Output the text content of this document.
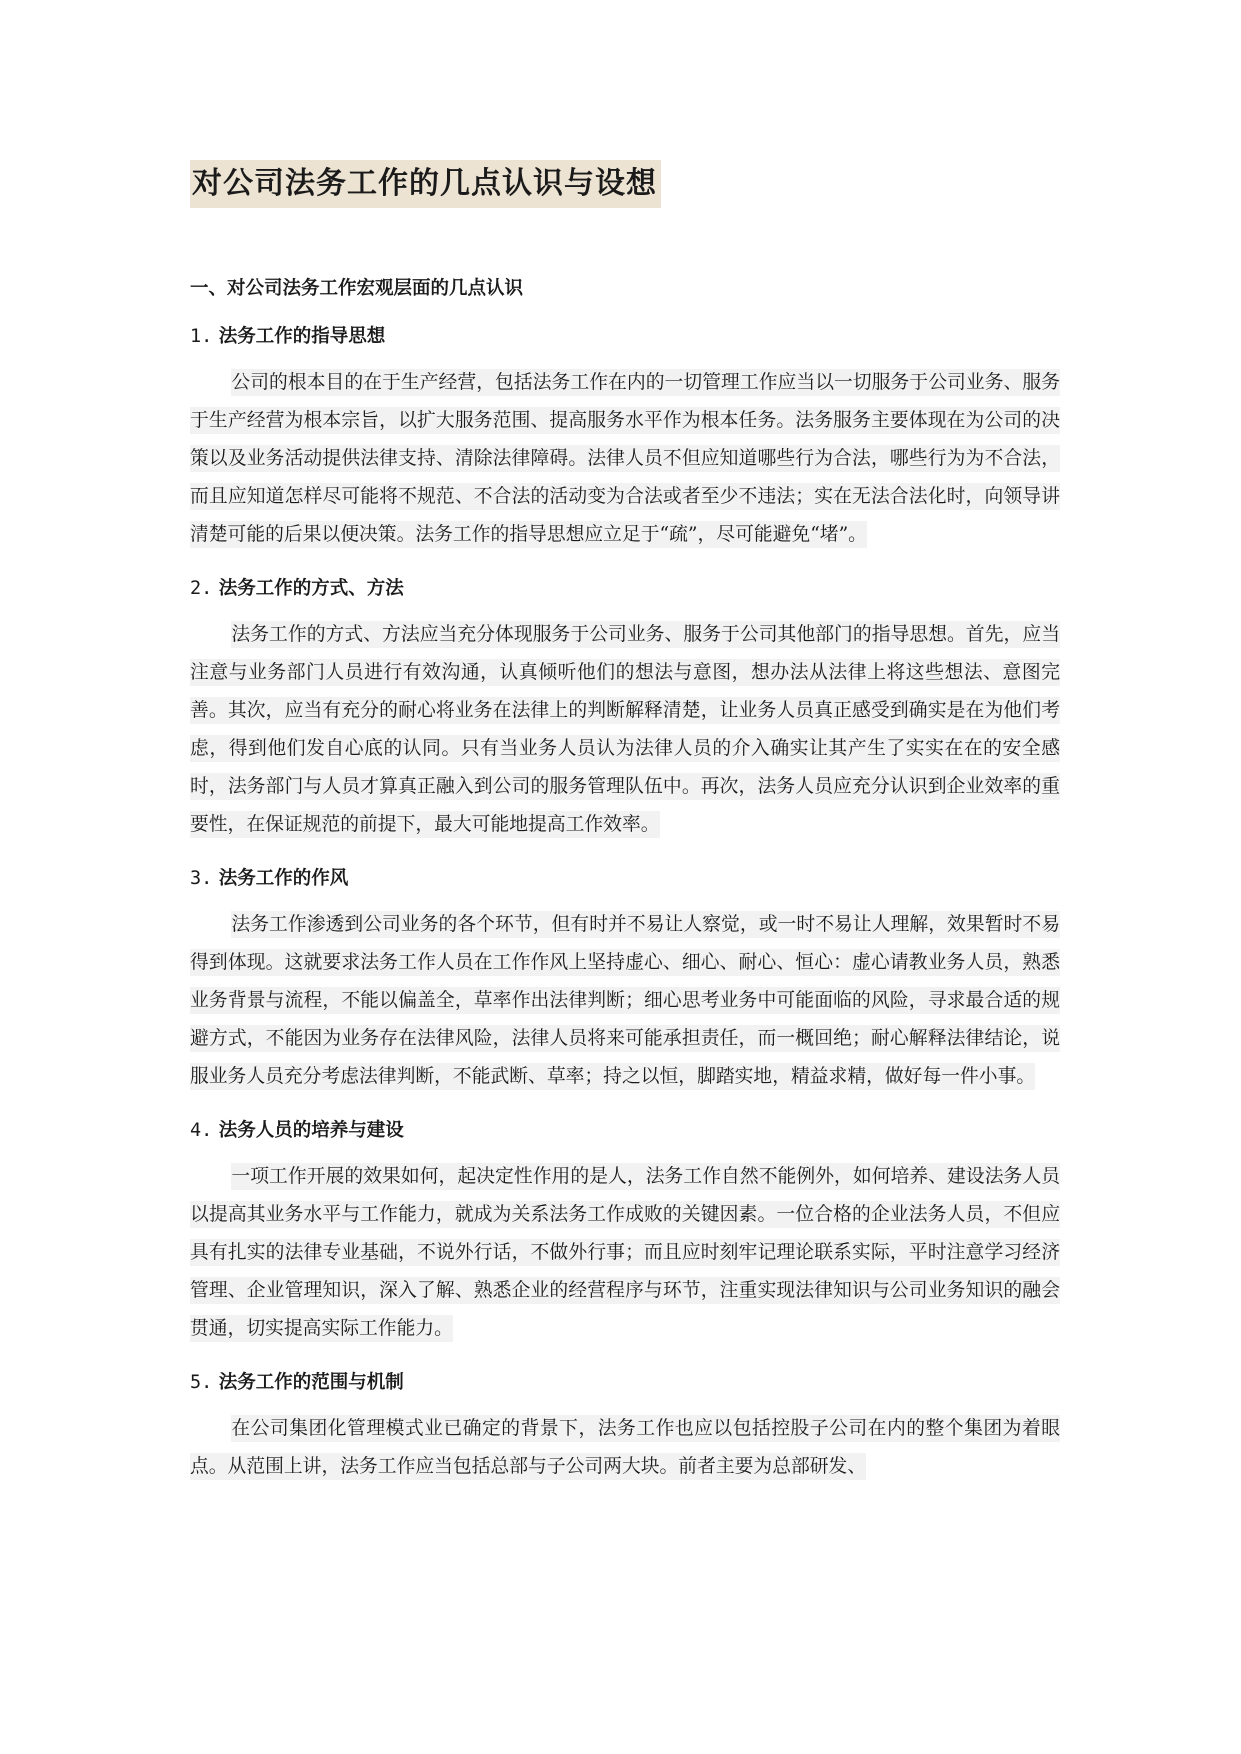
对公司法务工作的几点认识与设想
一、对公司法务工作宏观层面的几点认识
1. 法务工作的指导思想

公司的根本目的在于生产经营，包括法务工作在内的一切管理工作应当以一切服务于公司业务、服务于生产经营为根本宗旨，以扩大服务范围、提高服务水平作为根本任务。法务服务主要体现在为公司的决策以及业务活动提供法律支持、清除法律障碍。法律人员不但应知道哪些行为合法，哪些行为为不合法，而且应知道怎样尽可能将不规范、不合法的活动变为合法或者至少不违法；实在无法合法化时，向领导讲清楚可能的后果以便决策。法务工作的指导思想应立足于“疏”，尽可能避免“堵”。

2. 法务工作的方式、方法

法务工作的方式、方法应当充分体现服务于公司业务、服务于公司其他部门的指导思想。首先，应当注意与业务部门人员进行有效沟通，认真倾听他们的想法与意图，想办法从法律上将这些想法、意图完善。其次，应当有充分的耐心将业务在法律上的判断解释清楚，让业务人员真正感受到确实是在为他们考虑，得到他们发自心底的认同。只有当业务人员认为法律人员的介入确实让其产生了实实在在的安全感时，法务部门与人员才算真正融入到公司的服务管理队伍中。再次，法务人员应充分认识到企业效率的重要性，在保证规范的前提下，最大可能地提高工作效率。

3. 法务工作的作风

法务工作渗透到公司业务的各个环节，但有时并不易让人察觉，或一时不易让人理解，效果暂时不易得到体现。这就要求法务工作人员在工作作风上坚持虚心、细心、耐心、恒心：虚心请教业务人员，熟悉业务背景与流程，不能以偏盖全，草率作出法律判断；细心思考业务中可能面临的风险，寻求最合适的规避方式，不能因为业务存在法律风险，法律人员将来可能承担责任，而一概回绝；耐心解释法律结论，说服业务人员充分考虑法律判断，不能武断、草率；持之以恒，脚踏实地，精益求精，做好每一件小事。

4. 法务人员的培养与建设

一项工作开展的效果如何，起决定性作用的是人，法务工作自然不能例外，如何培养、建设法务人员以提高其业务水平与工作能力，就成为关系法务工作成败的关键因素。一位合格的企业法务人员，不但应具有扎实的法律专业基础，不说外行话，不做外行事；而且应时刻牢记理论联系实际，平时注意学习经济管理、企业管理知识，深入了解、熟悉企业的经营程序与环节，注重实现法律知识与公司业务知识的融会贯通，切实提高实际工作能力。

5. 法务工作的范围与机制

在公司集团化管理模式业已确定的背景下，法务工作也应以包括控股子公司在内的整个集团为着眼点。从范围上讲，法务工作应当包括总部与子公司两大块。前者主要为总部研发、
